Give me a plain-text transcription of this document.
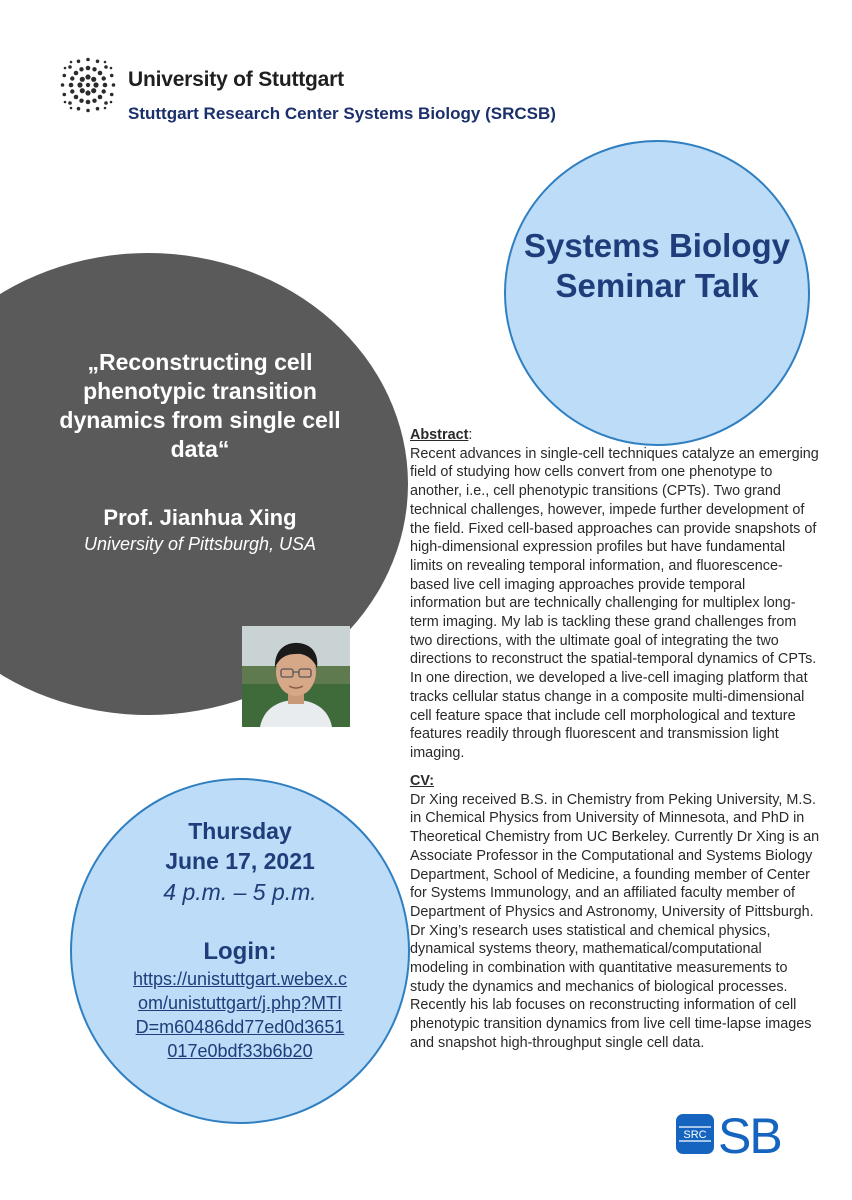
University of Stuttgart
Stuttgart Research Center Systems Biology (SRCSB)
Systems Biology
Seminar Talk
„Reconstructing cell
phenotypic transition
dynamics from single cell
data“
Prof. Jianhua Xing
University of Pittsburgh, USA
Thursday
June 17, 2021
4 p.m. – 5 p.m.
Login:
https://unistuttgart.webex.c
om/unistuttgart/j.php?MTI
D=m60486dd77ed0d3651
017e0bdf33b6b20
Abstract:
Recent advances in single-cell techniques catalyze an emerging field of studying how cells convert from one phenotype to another, i.e., cell phenotypic transitions (CPTs). Two grand technical challenges, however, impede further development of the field. Fixed cell-based approaches can provide snapshots of high-dimensional expression profiles but have fundamental limits on revealing temporal information, and fluorescence-based live cell imaging approaches provide temporal information but are technically challenging for multiplex long- term imaging. My lab is tackling these grand challenges from two directions, with the ultimate goal of integrating the two directions to reconstruct the spatial-temporal dynamics of CPTs. In one direction, we developed a live-cell imaging platform that tracks cellular status change in a composite multi-dimensional cell feature space that include cell morphological and texture features readily through fluorescent and transmission light imaging.
CV:
Dr Xing received B.S. in Chemistry from Peking University, M.S. in Chemical Physics from University of Minnesota, and PhD in Theoretical Chemistry from UC Berkeley. Currently Dr Xing is an Associate Professor in the Computational and Systems Biology Department, School of Medicine, a founding member of Center for Systems Immunology, and an affiliated faculty member of Department of Physics and Astronomy, University of Pittsburgh. Dr Xing’s research uses statistical and chemical physics, dynamical systems theory, mathematical/computational modeling in combination with quantitative measurements to study the dynamics and mechanics of biological processes. Recently his lab focuses on reconstructing information of cell phenotypic transition dynamics from live cell time-lapse images and snapshot high-throughput single cell data.
SRC SB
